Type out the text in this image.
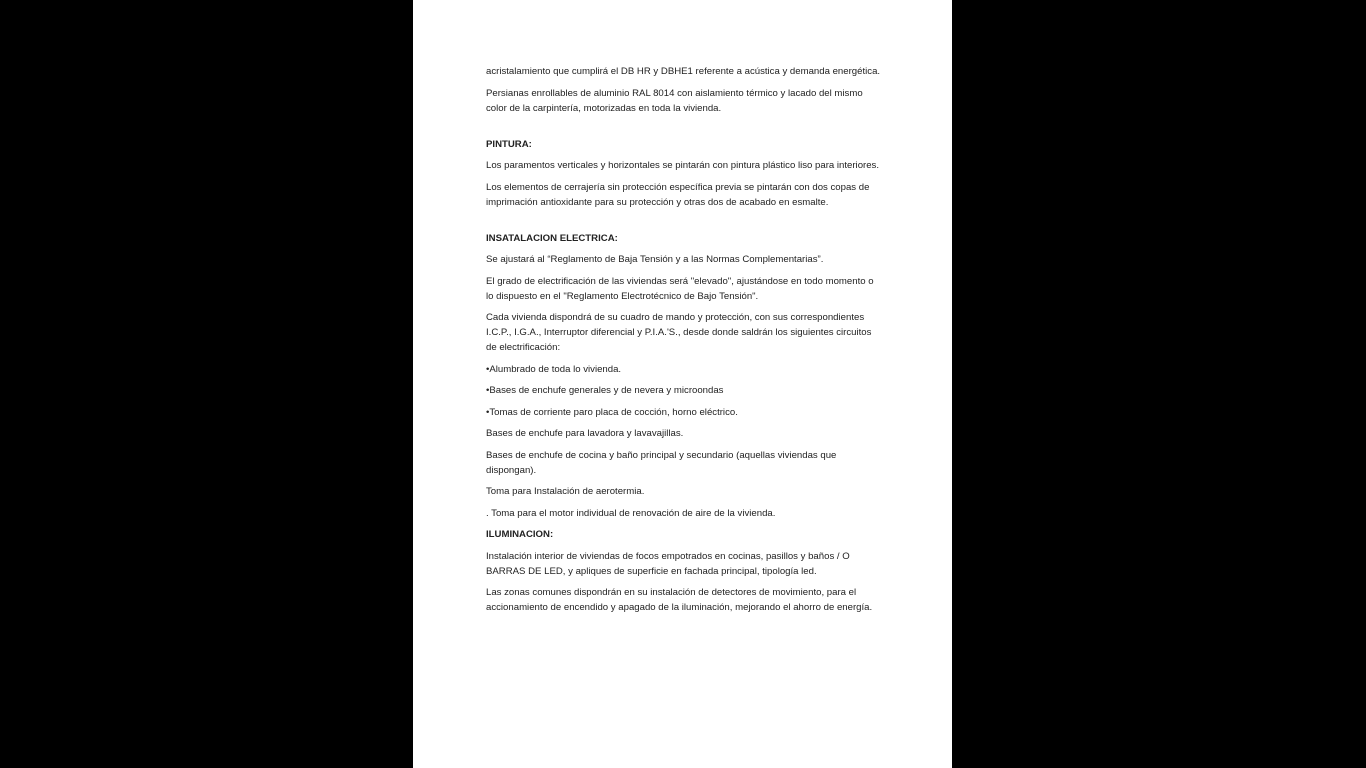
acristalamiento que cumplirá el DB HR y DBHE1 referente a acústica y demanda energética.

Persianas enrollables de aluminio RAL 8014 con aislamiento térmico y lacado del mismo color de la carpintería, motorizadas en toda la vivienda.

PINTURA:

Los paramentos verticales y horizontales se pintarán con pintura plástico liso para interiores.

Los elementos de cerrajería sin protección específica previa se pintarán con dos copas de imprimación antioxidante para su protección y otras dos de acabado en esmalte.

INSATALACION ELECTRICA:

Se ajustará al “Reglamento de Baja Tensión y a las Normas Complementarias”.

El grado de electrificación de las viviendas será "elevado", ajustándose en todo momento o lo dispuesto en el "Reglamento Electrotécnico de Bajo Tensión".

Cada vivienda dispondrá de su cuadro de mando y protección, con sus correspondientes I.C.P., I.G.A., Interruptor diferencial y P.I.A.'S., desde donde saldrán los siguientes circuitos de electrificación:

•Alumbrado de toda lo vivienda.

•Bases de enchufe generales y de nevera y microondas

•Tomas de corriente paro placa de cocción, horno eléctrico.

Bases de enchufe para lavadora y lavavajillas.

Bases de enchufe de cocina y baño principal y secundario (aquellas viviendas que dispongan).

Toma para Instalación de aerotermia.

. Toma para el motor individual de renovación de aire de la vivienda.

ILUMINACION:

Instalación interior de viviendas de focos empotrados en cocinas, pasillos y baños / O BARRAS DE LED, y apliques de superficie en fachada principal, tipología led.

Las zonas comunes dispondrán en su instalación de detectores de movimiento, para el accionamiento de encendido y apagado de la iluminación, mejorando el ahorro de energía.
